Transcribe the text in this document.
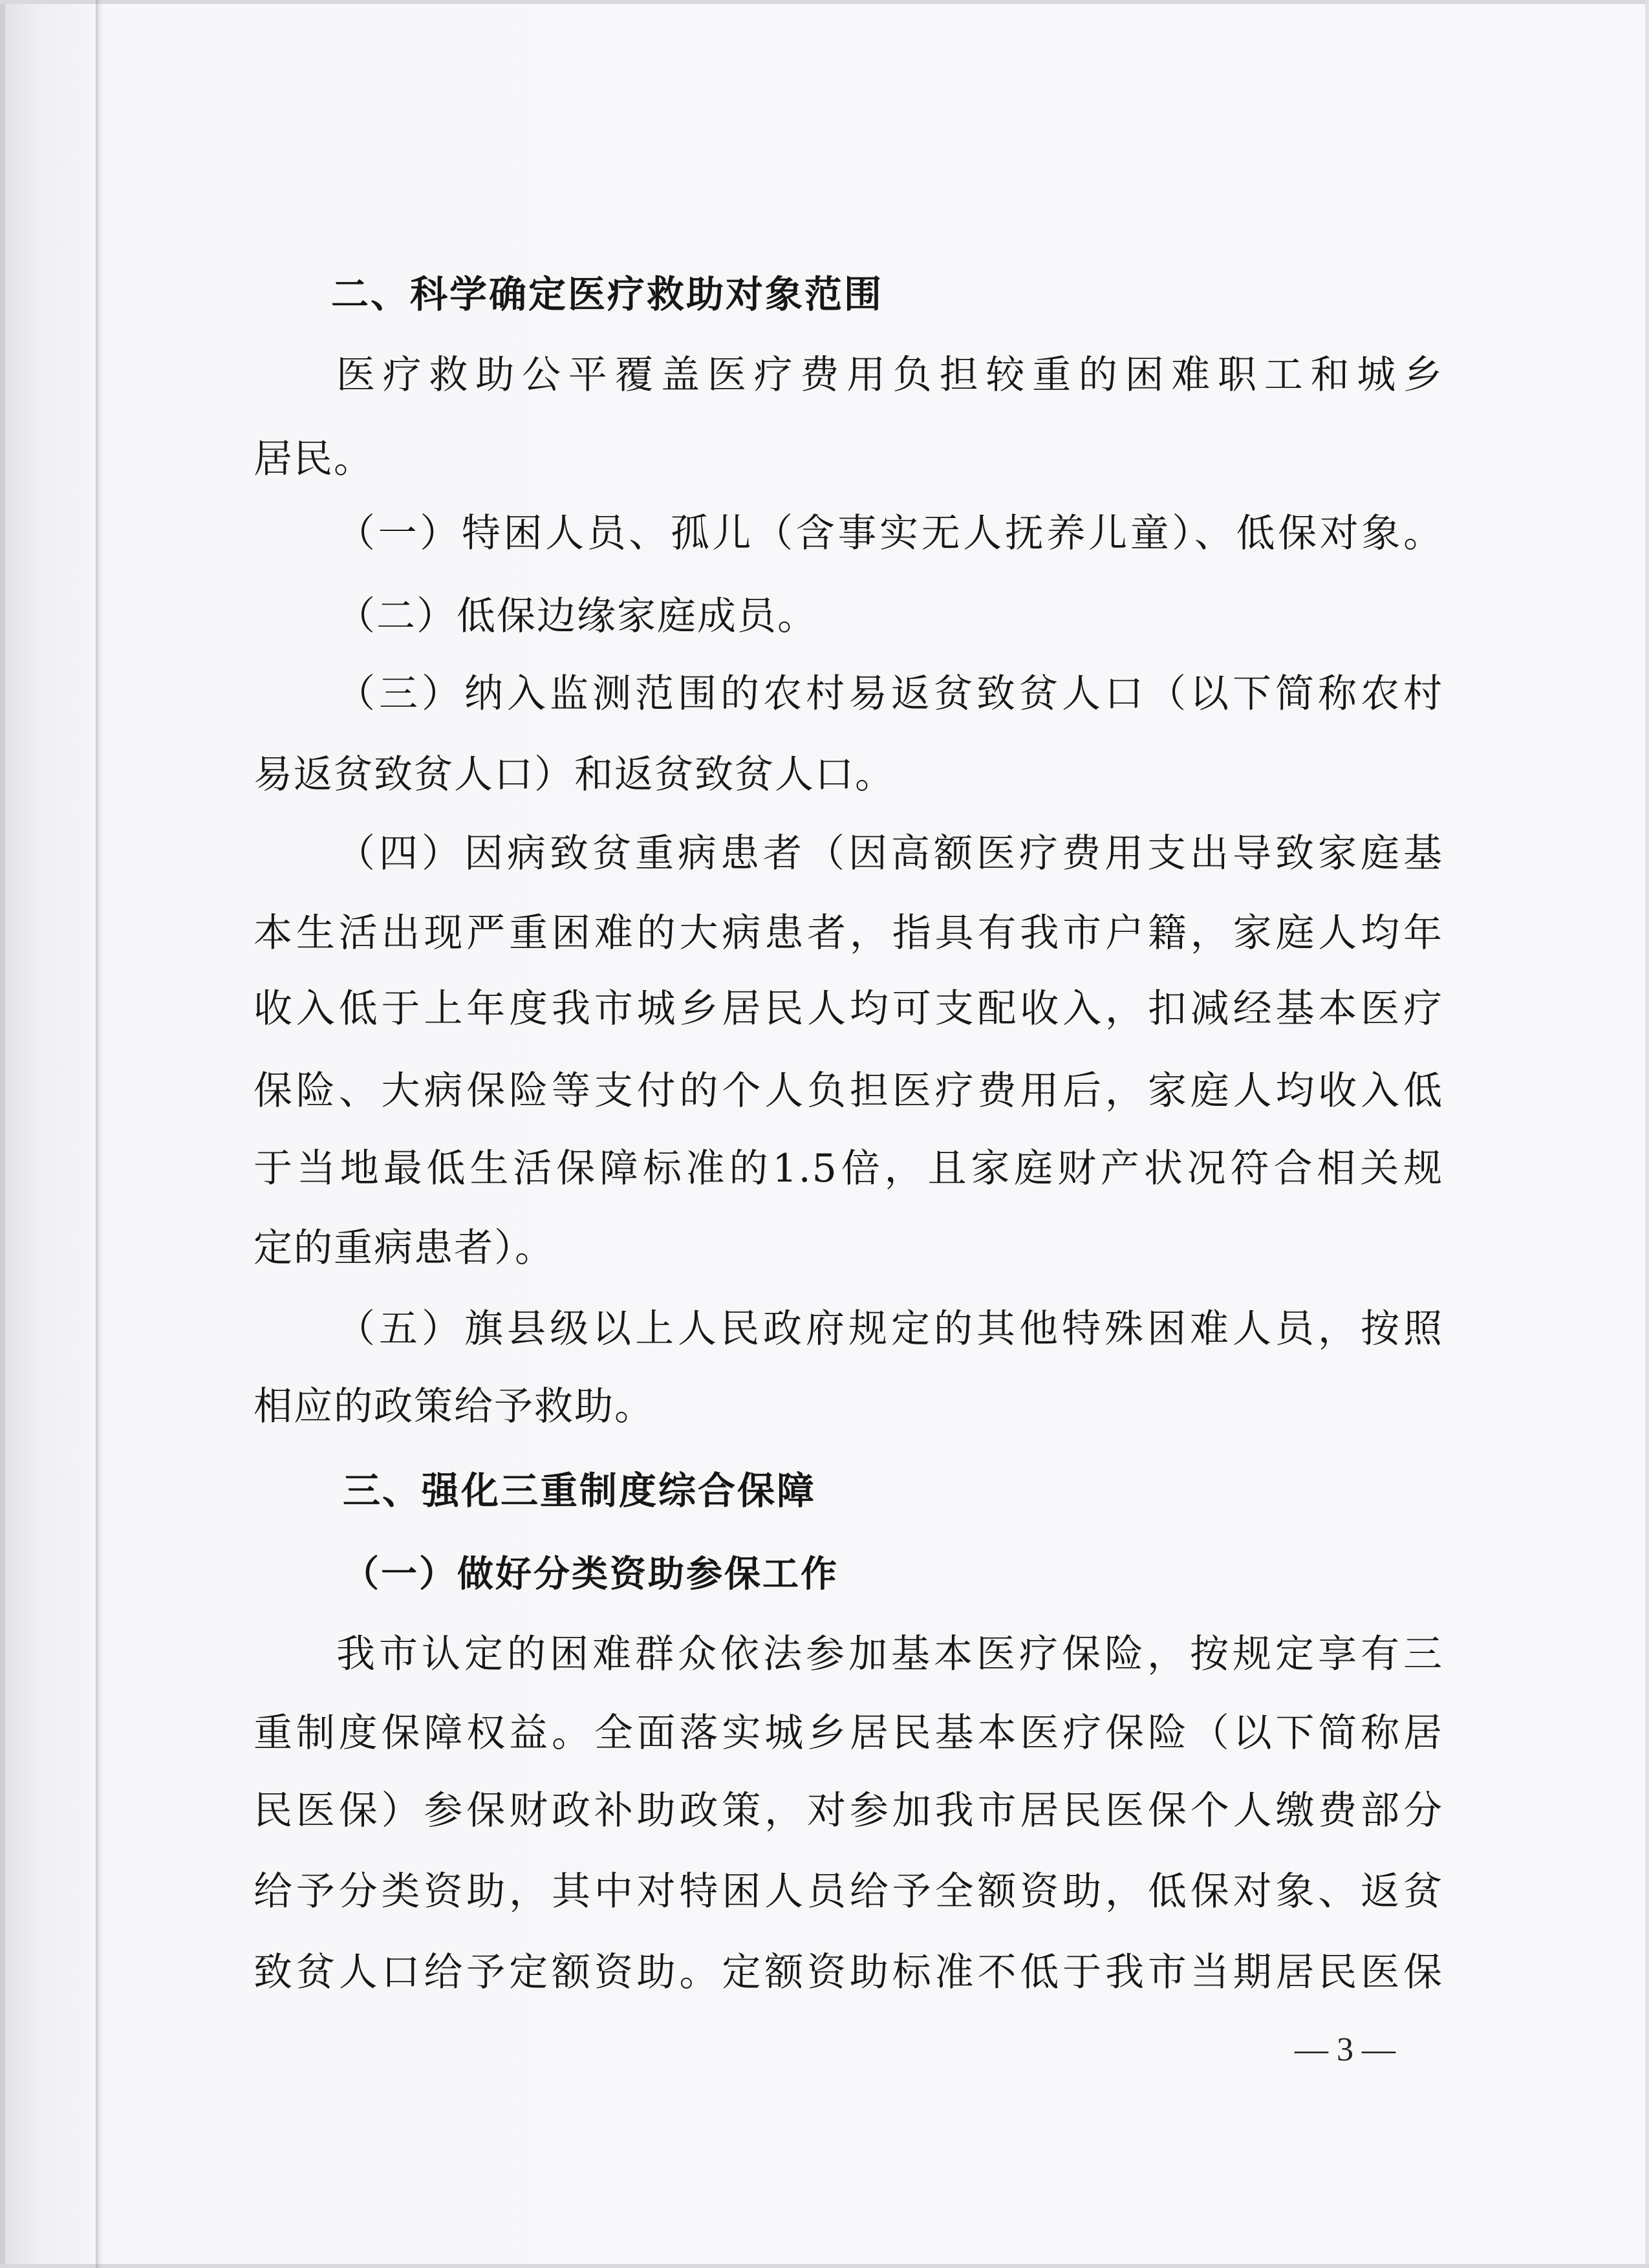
二、科学确定医疗救助对象范围
医疗救助公平覆盖医疗费用负担较重的困难职工和城乡
居民。
（一）特困人员、孤儿（含事实无人抚养儿童）、低保对象。
（二）低保边缘家庭成员。
（三）纳入监测范围的农村易返贫致贫人口（以下简称农村
易返贫致贫人口）和返贫致贫人口。
（四）因病致贫重病患者（因高额医疗费用支出导致家庭基
本生活出现严重困难的大病患者，指具有我市户籍，家庭人均年
收入低于上年度我市城乡居民人均可支配收入，扣减经基本医疗
保险、大病保险等支付的个人负担医疗费用后，家庭人均收入低
于当地最低生活保障标准的1.5倍，且家庭财产状况符合相关规
定的重病患者）。
（五）旗县级以上人民政府规定的其他特殊困难人员，按照
相应的政策给予救助。
三、强化三重制度综合保障
（一）做好分类资助参保工作
我市认定的困难群众依法参加基本医疗保险，按规定享有三
重制度保障权益。全面落实城乡居民基本医疗保险（以下简称居
民医保）参保财政补助政策，对参加我市居民医保个人缴费部分
给予分类资助，其中对特困人员给予全额资助，低保对象、返贫
致贫人口给予定额资助。定额资助标准不低于我市当期居民医保
— 3 —
